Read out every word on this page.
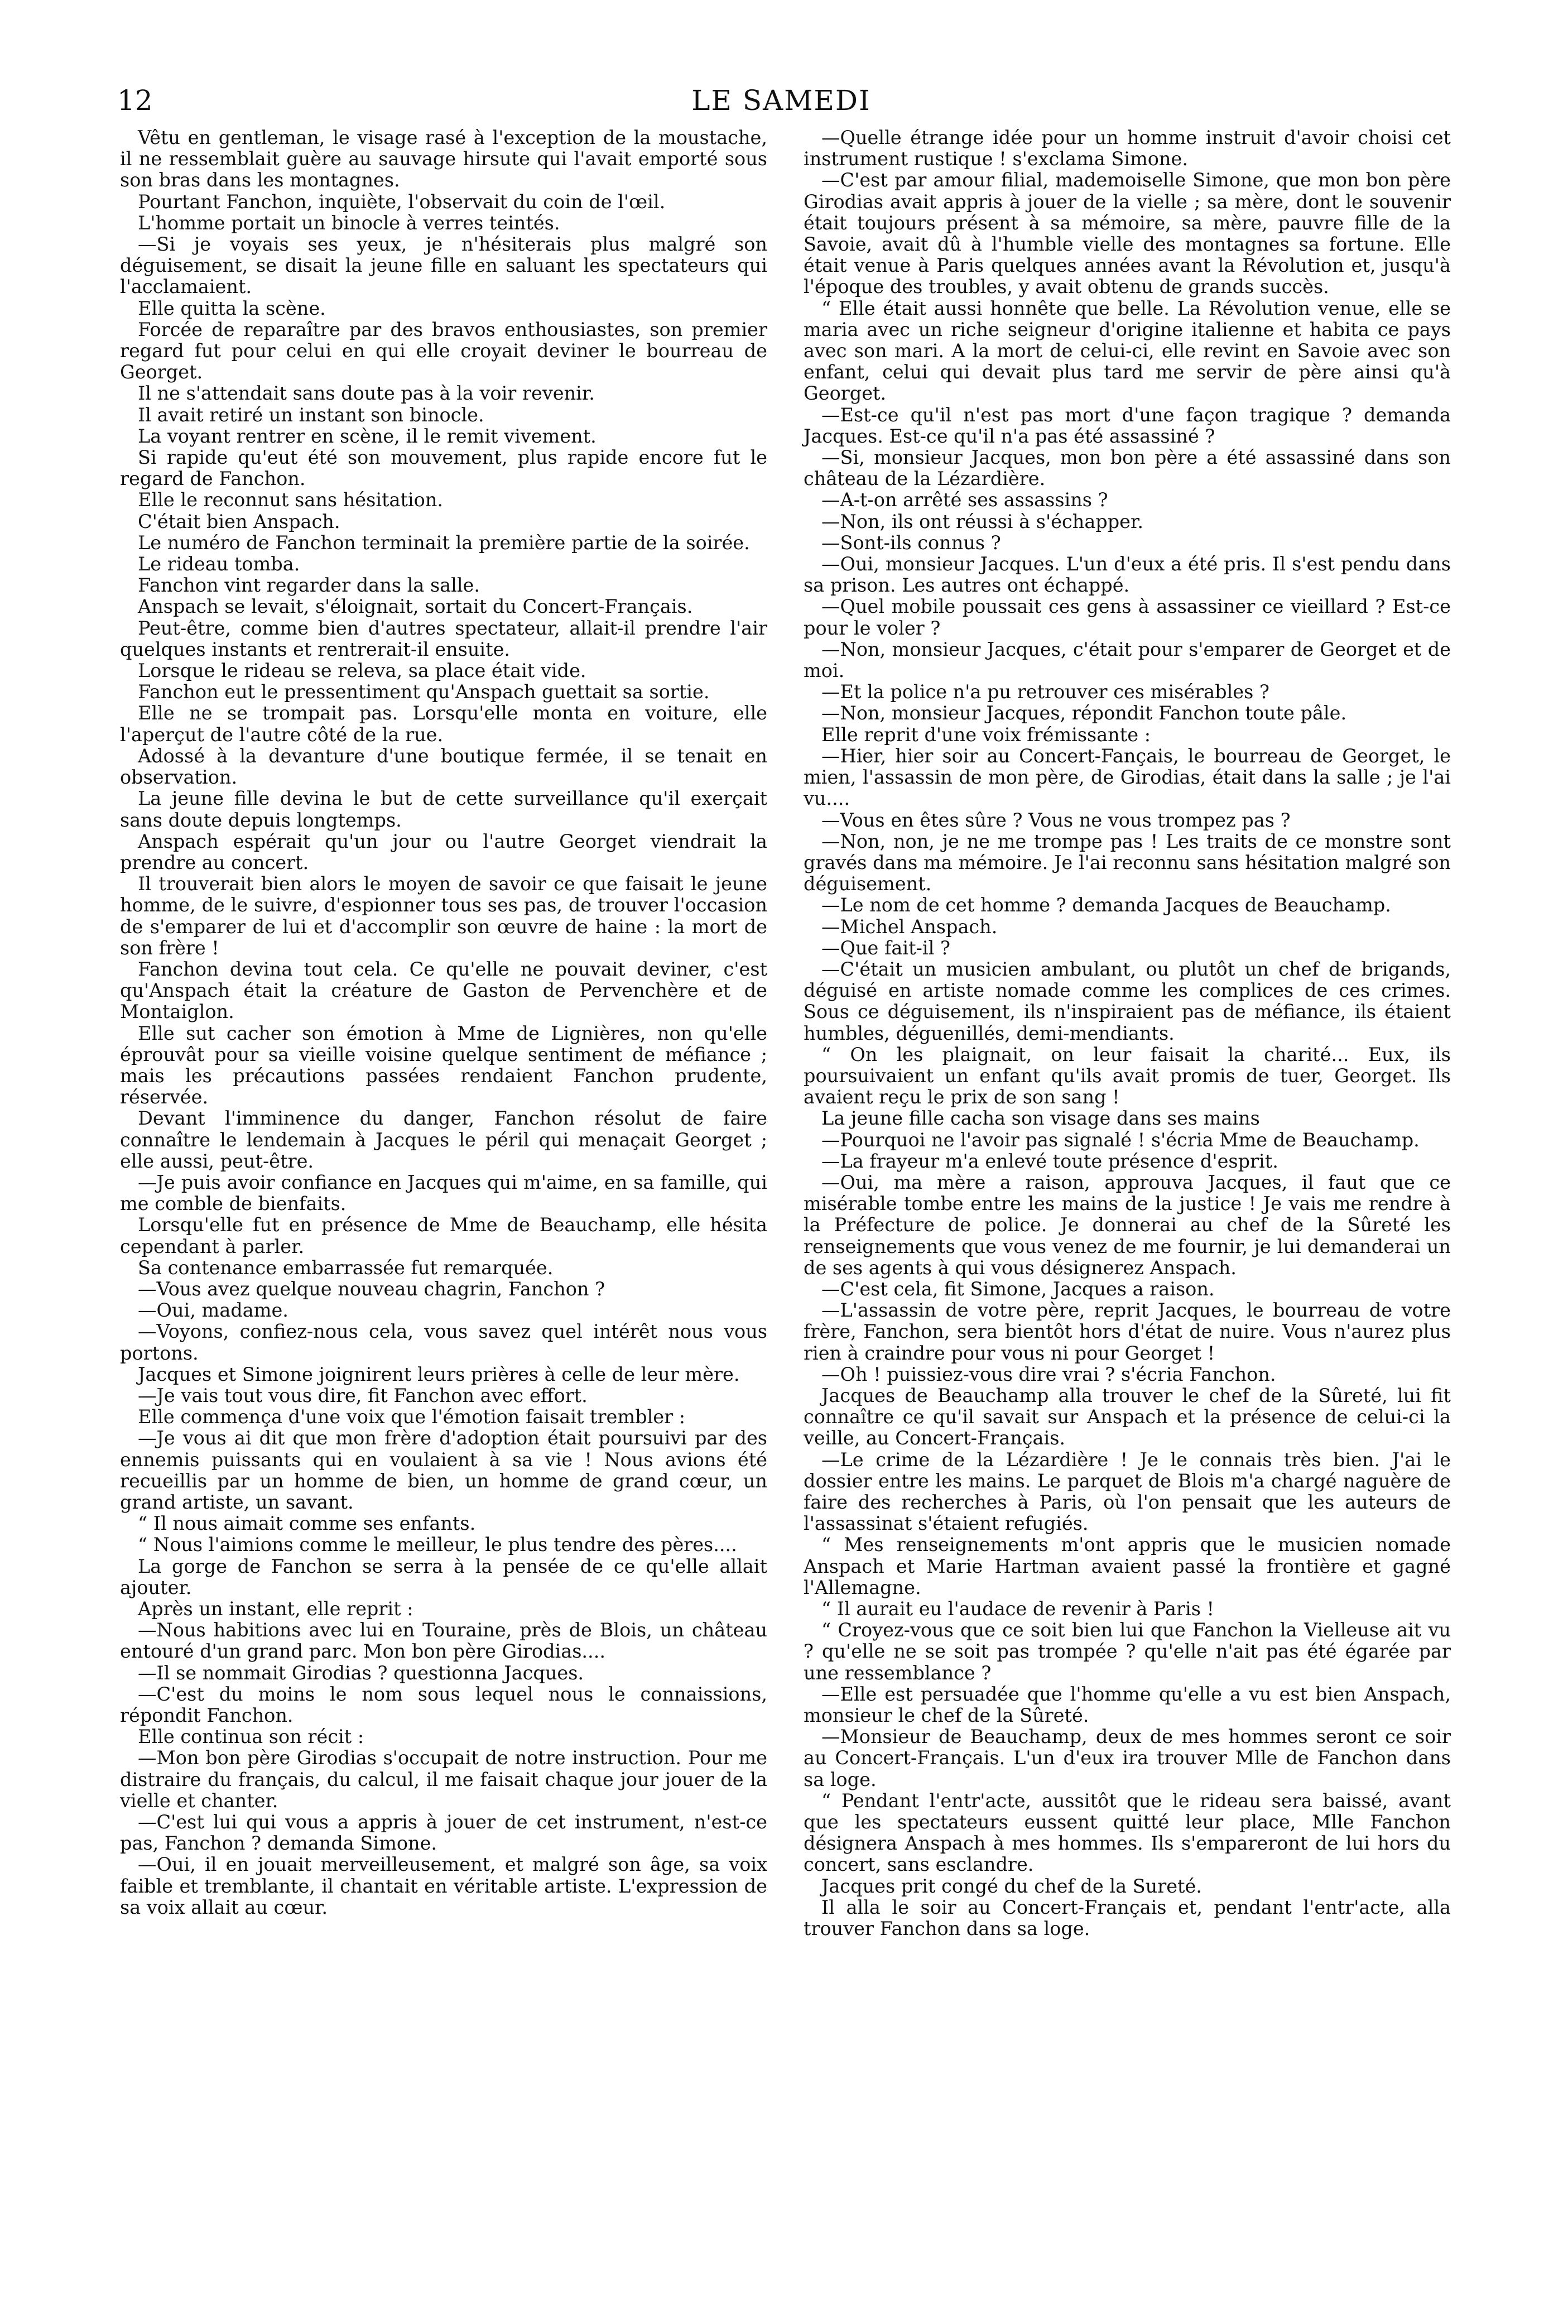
LE SAMEDI
12

Vêtu en gentleman, le visage rasé à l'exception de la moustache, il ne ressemblait guère au sauvage hirsute qui l'avait emporté sous son bras dans les montagnes.

Pourtant Fanchon, inquiète, l'observait du coin de l'œil.

L'homme portait un binocle à verres teintés.

—Si je voyais ses yeux, je n'hésiterais plus malgré son déguisement, se disait la jeune fille en saluant les spectateurs qui l'acclamaient.

Elle quitta la scène.

Forcée de reparaître par des bravos enthousiastes, son premier regard fut pour celui en qui elle croyait deviner le bourreau de Georget.

Il ne s'attendait sans doute pas à la voir revenir.

Il avait retiré un instant son binocle.

La voyant rentrer en scène, il le remit vivement.

Si rapide qu'eut été son mouvement, plus rapide encore fut le regard de Fanchon.

Elle le reconnut sans hésitation.

C'était bien Anspach.

Le numéro de Fanchon terminait la première partie de la soirée.

Le rideau tomba.

Fanchon vint regarder dans la salle.

Anspach se levait, s'éloignait, sortait du Concert-Français.

Peut-être, comme bien d'autres spectateur, allait-il prendre l'air quelques instants et rentrerait-il ensuite.

Lorsque le rideau se releva, sa place était vide.

Fanchon eut le pressentiment qu'Anspach guettait sa sortie.

Elle ne se trompait pas. Lorsqu'elle monta en voiture, elle l'aperçut de l'autre côté de la rue.

Adossé à la devanture d'une boutique fermée, il se tenait en observation.

La jeune fille devina le but de cette surveillance qu'il exerçait sans doute depuis longtemps.

Anspach espérait qu'un jour ou l'autre Georget viendrait la prendre au concert.

Il trouverait bien alors le moyen de savoir ce que faisait le jeune homme, de le suivre, d'espionner tous ses pas, de trouver l'occasion de s'emparer de lui et d'accomplir son œuvre de haine : la mort de son frère !

Fanchon devina tout cela. Ce qu'elle ne pouvait deviner, c'est qu'Anspach était la créature de Gaston de Pervenchère et de Montaiglon.

Elle sut cacher son émotion à Mme de Lignières, non qu'elle éprouvât pour sa vieille voisine quelque sentiment de méfiance ; mais les précautions passées rendaient Fanchon prudente, réservée.

Devant l'imminence du danger, Fanchon résolut de faire connaître le lendemain à Jacques le péril qui menaçait Georget ; elle aussi, peut-être.

—Je puis avoir confiance en Jacques qui m'aime, en sa famille, qui me comble de bienfaits.

Lorsqu'elle fut en présence de Mme de Beauchamp, elle hésita cependant à parler.

Sa contenance embarrassée fut remarquée.

—Vous avez quelque nouveau chagrin, Fanchon ?

—Oui, madame.

—Voyons, confiez-nous cela, vous savez quel intérêt nous vous portons.

Jacques et Simone joignirent leurs prières à celle de leur mère.

—Je vais tout vous dire, fit Fanchon avec effort.

Elle commença d'une voix que l'émotion faisait trembler :

—Je vous ai dit que mon frère d'adoption était poursuivi par des ennemis puissants qui en voulaient à sa vie ! Nous avions été recueillis par un homme de bien, un homme de grand cœur, un grand artiste, un savant.

“ Il nous aimait comme ses enfants.

“ Nous l'aimions comme le meilleur, le plus tendre des pères....

La gorge de Fanchon se serra à la pensée de ce qu'elle allait ajouter.

Après un instant, elle reprit :

—Nous habitions avec lui en Touraine, près de Blois, un château entouré d'un grand parc. Mon bon père Girodias....

—Il se nommait Girodias ? questionna Jacques.

—C'est du moins le nom sous lequel nous le connaissions, répondit Fanchon.

Elle continua son récit :

—Mon bon père Girodias s'occupait de notre instruction. Pour me distraire du français, du calcul, il me faisait chaque jour jouer de la vielle et chanter.

—C'est lui qui vous a appris à jouer de cet instrument, n'est-ce pas, Fanchon ? demanda Simone.

—Oui, il en jouait merveilleusement, et malgré son âge, sa voix faible et tremblante, il chantait en véritable artiste. L'expression de sa voix allait au cœur.

—Quelle étrange idée pour un homme instruit d'avoir choisi cet instrument rustique ! s'exclama Simone.

—C'est par amour filial, mademoiselle Simone, que mon bon père Girodias avait appris à jouer de la vielle ; sa mère, dont le souvenir était toujours présent à sa mémoire, sa mère, pauvre fille de la Savoie, avait dû à l'humble vielle des montagnes sa fortune. Elle était venue à Paris quelques années avant la Révolution et, jusqu'à l'époque des troubles, y avait obtenu de grands succès.

“ Elle était aussi honnête que belle. La Révolution venue, elle se maria avec un riche seigneur d'origine italienne et habita ce pays avec son mari. A la mort de celui-ci, elle revint en Savoie avec son enfant, celui qui devait plus tard me servir de père ainsi qu'à Georget.

—Est-ce qu'il n'est pas mort d'une façon tragique ? demanda Jacques. Est-ce qu'il n'a pas été assassiné ?

—Si, monsieur Jacques, mon bon père a été assassiné dans son château de la Lézardière.

—A-t-on arrêté ses assassins ?

—Non, ils ont réussi à s'échapper.

—Sont-ils connus ?

—Oui, monsieur Jacques. L'un d'eux a été pris. Il s'est pendu dans sa prison. Les autres ont échappé.

—Quel mobile poussait ces gens à assassiner ce vieillard ? Est-ce pour le voler ?

—Non, monsieur Jacques, c'était pour s'emparer de Georget et de moi.

—Et la police n'a pu retrouver ces misérables ?

—Non, monsieur Jacques, répondit Fanchon toute pâle.

Elle reprit d'une voix frémissante :

—Hier, hier soir au Concert-Fançais, le bourreau de Georget, le mien, l'assassin de mon père, de Girodias, était dans la salle ; je l'ai vu....

—Vous en êtes sûre ? Vous ne vous trompez pas ?

—Non, non, je ne me trompe pas ! Les traits de ce monstre sont gravés dans ma mémoire. Je l'ai reconnu sans hésitation malgré son déguisement.

—Le nom de cet homme ? demanda Jacques de Beauchamp.

—Michel Anspach.

—Que fait-il ?

—C'était un musicien ambulant, ou plutôt un chef de brigands, déguisé en artiste nomade comme les complices de ces crimes. Sous ce déguisement, ils n'inspiraient pas de méfiance, ils étaient humbles, déguenillés, demi-mendiants.

“ On les plaignait, on leur faisait la charité... Eux, ils poursuivaient un enfant qu'ils avait promis de tuer, Georget. Ils avaient reçu le prix de son sang !

La jeune fille cacha son visage dans ses mains

—Pourquoi ne l'avoir pas signalé ! s'écria Mme de Beauchamp.

—La frayeur m'a enlevé toute présence d'esprit.

—Oui, ma mère a raison, approuva Jacques, il faut que ce misérable tombe entre les mains de la justice ! Je vais me rendre à la Préfecture de police. Je donnerai au chef de la Sûreté les renseignements que vous venez de me fournir, je lui demanderai un de ses agents à qui vous désignerez Anspach.

—C'est cela, fit Simone, Jacques a raison.

—L'assassin de votre père, reprit Jacques, le bourreau de votre frère, Fanchon, sera bientôt hors d'état de nuire. Vous n'aurez plus rien à craindre pour vous ni pour Georget !

—Oh ! puissiez-vous dire vrai ? s'écria Fanchon.

Jacques de Beauchamp alla trouver le chef de la Sûreté, lui fit connaître ce qu'il savait sur Anspach et la présence de celui-ci la veille, au Concert-Français.

—Le crime de la Lézardière ! Je le connais très bien. J'ai le dossier entre les mains. Le parquet de Blois m'a chargé naguère de faire des recherches à Paris, où l'on pensait que les auteurs de l'assassinat s'étaient refugiés.

“ Mes renseignements m'ont appris que le musicien nomade Anspach et Marie Hartman avaient passé la frontière et gagné l'Allemagne.

“ Il aurait eu l'audace de revenir à Paris !

“ Croyez-vous que ce soit bien lui que Fanchon la Vielleuse ait vu ? qu'elle ne se soit pas trompée ? qu'elle n'ait pas été égarée par une ressemblance ?

—Elle est persuadée que l'homme qu'elle a vu est bien Anspach, monsieur le chef de la Sûreté.

—Monsieur de Beauchamp, deux de mes hommes seront ce soir au Concert-Français. L'un d'eux ira trouver Mlle de Fanchon dans sa loge.

“ Pendant l'entr'acte, aussitôt que le rideau sera baissé, avant que les spectateurs eussent quitté leur place, Mlle Fanchon désignera Anspach à mes hommes. Ils s'empareront de lui hors du concert, sans esclandre.

Jacques prit congé du chef de la Sureté.

Il alla le soir au Concert-Français et, pendant l'entr'acte, alla trouver Fanchon dans sa loge.
